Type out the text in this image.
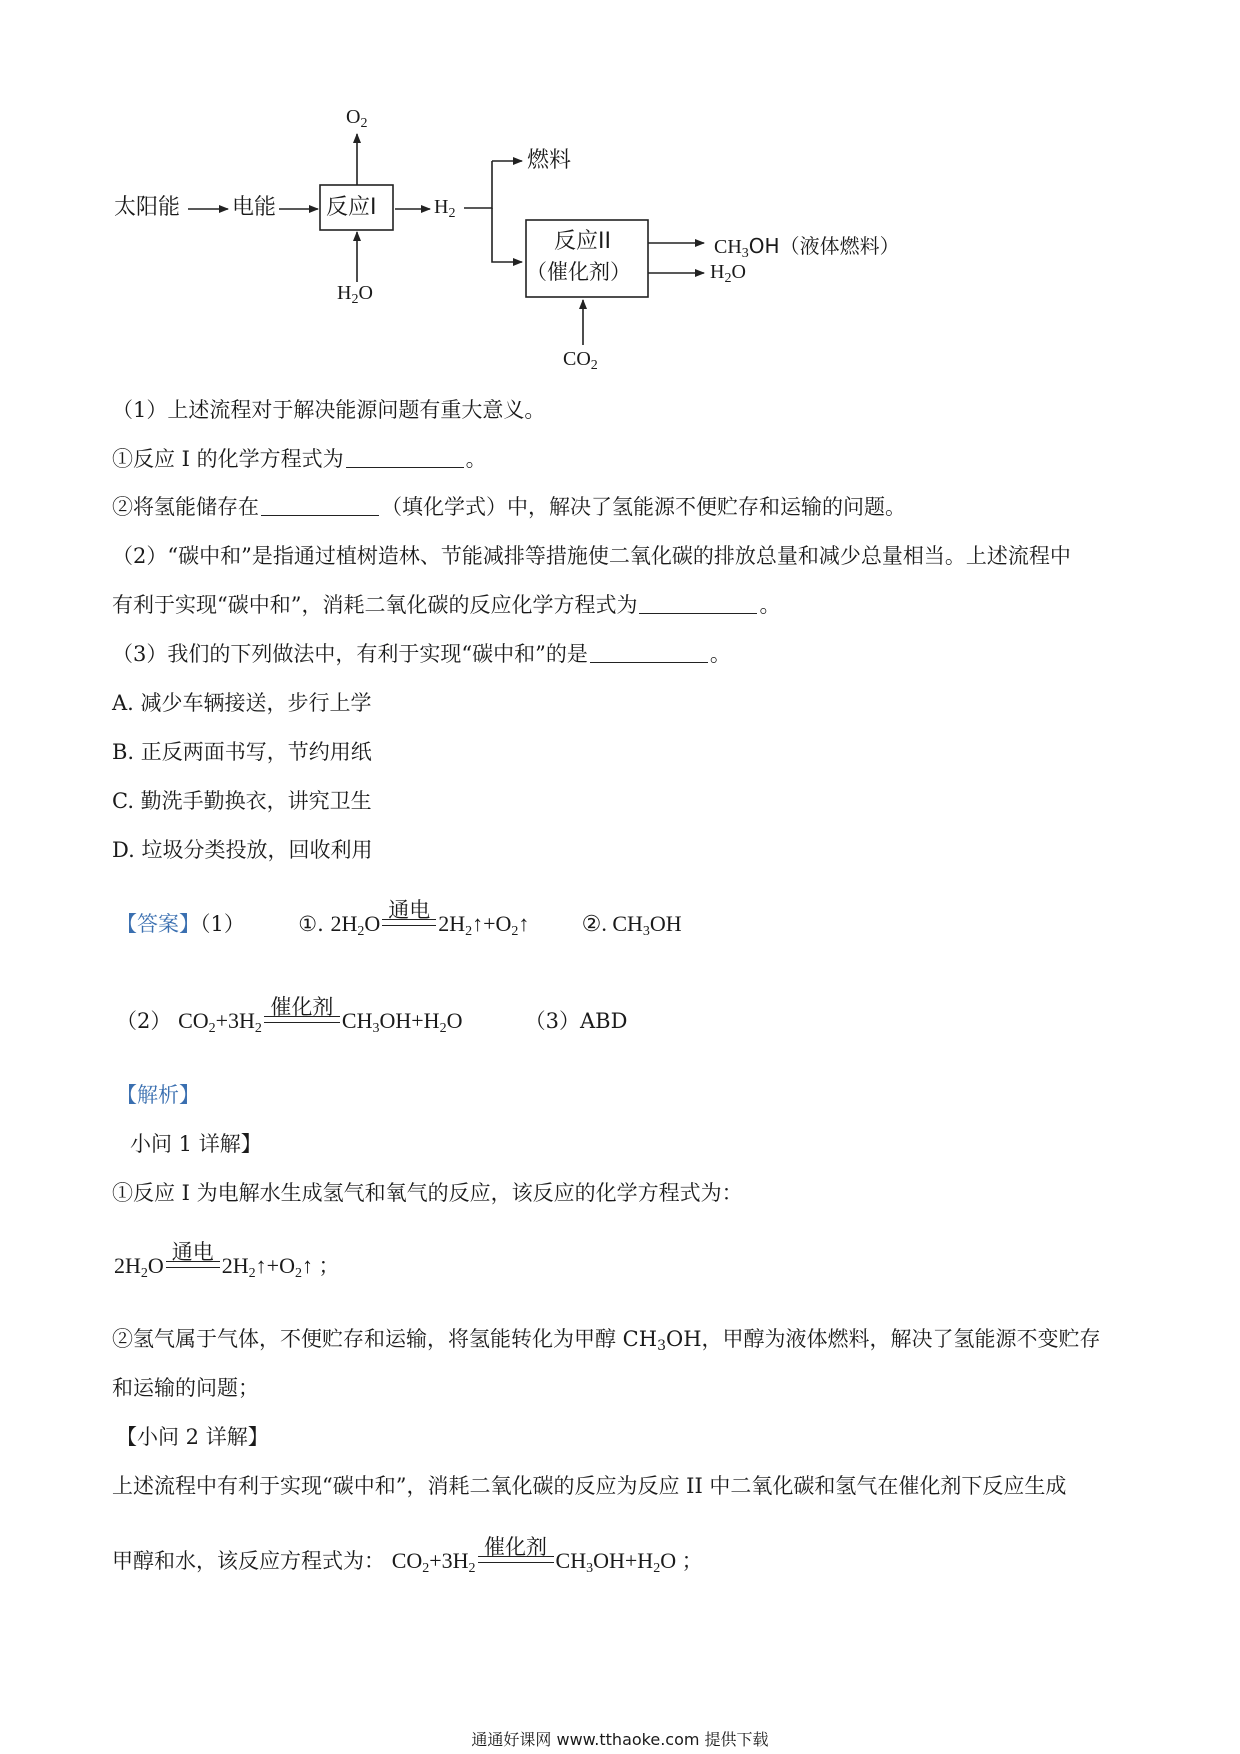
太阳能 电能 反应I
$O_2$
$H_2O$
$H_2$
燃料
反应II
（催化剂）
$CH_3OH$（液体燃料）
$H_2O$
$CO_2$
（1）上述流程对于解决能源问题有重大意义。
①反应 I 的化学方程式为	。
②将氢能储存在	（填化学式）中，解决了氢能源不便贮存和运输的问题。
（2）“碳中和”是指通过植树造林、节能减排等措施使二氧化碳的排放总量和减少总量相当。上述流程中
有利于实现“碳中和”，消耗二氧化碳的反应化学方程式为	。
（3）我们的下列做法中，有利于实现“碳中和”的是	。
A. 减少车辆接送，步行上学
B. 正反两面书写，节约用纸
C. 勤洗手勤换衣，讲究卫生
D. 垃圾分类投放，回收利用
【答案】（1）	①. $2H_2O$
通电
$2H_2↑+O_2↑$  ②. $CH_3OH$
（2） $CO_2+3H_2$
催化剂
$CH_3OH+H_2O$	（3）ABD
【解析】
小问 1 详解】
①反应 I 为电解水生成氢气和氧气的反应，该反应的化学方程式为：
$2H_2O$
通电
$2H_2↑+O_2↑$ ；
②氢气属于气体，不便贮存和运输，将氢能转化为甲醇 $CH_3OH$，甲醇为液体燃料，解决了氢能源不变贮存
和运输的问题；
【小问 2 详解】
上述流程中有利于实现“碳中和”，消耗二氧化碳的反应为反应 II 中二氧化碳和氢气在催化剂下反应生成
甲醇和水，该反应方程式为： $CO_2+3H_2$
催化剂
$CH_3OH+H_2O$ ；
通通好课网 www.tthaoke.com 提供下载
